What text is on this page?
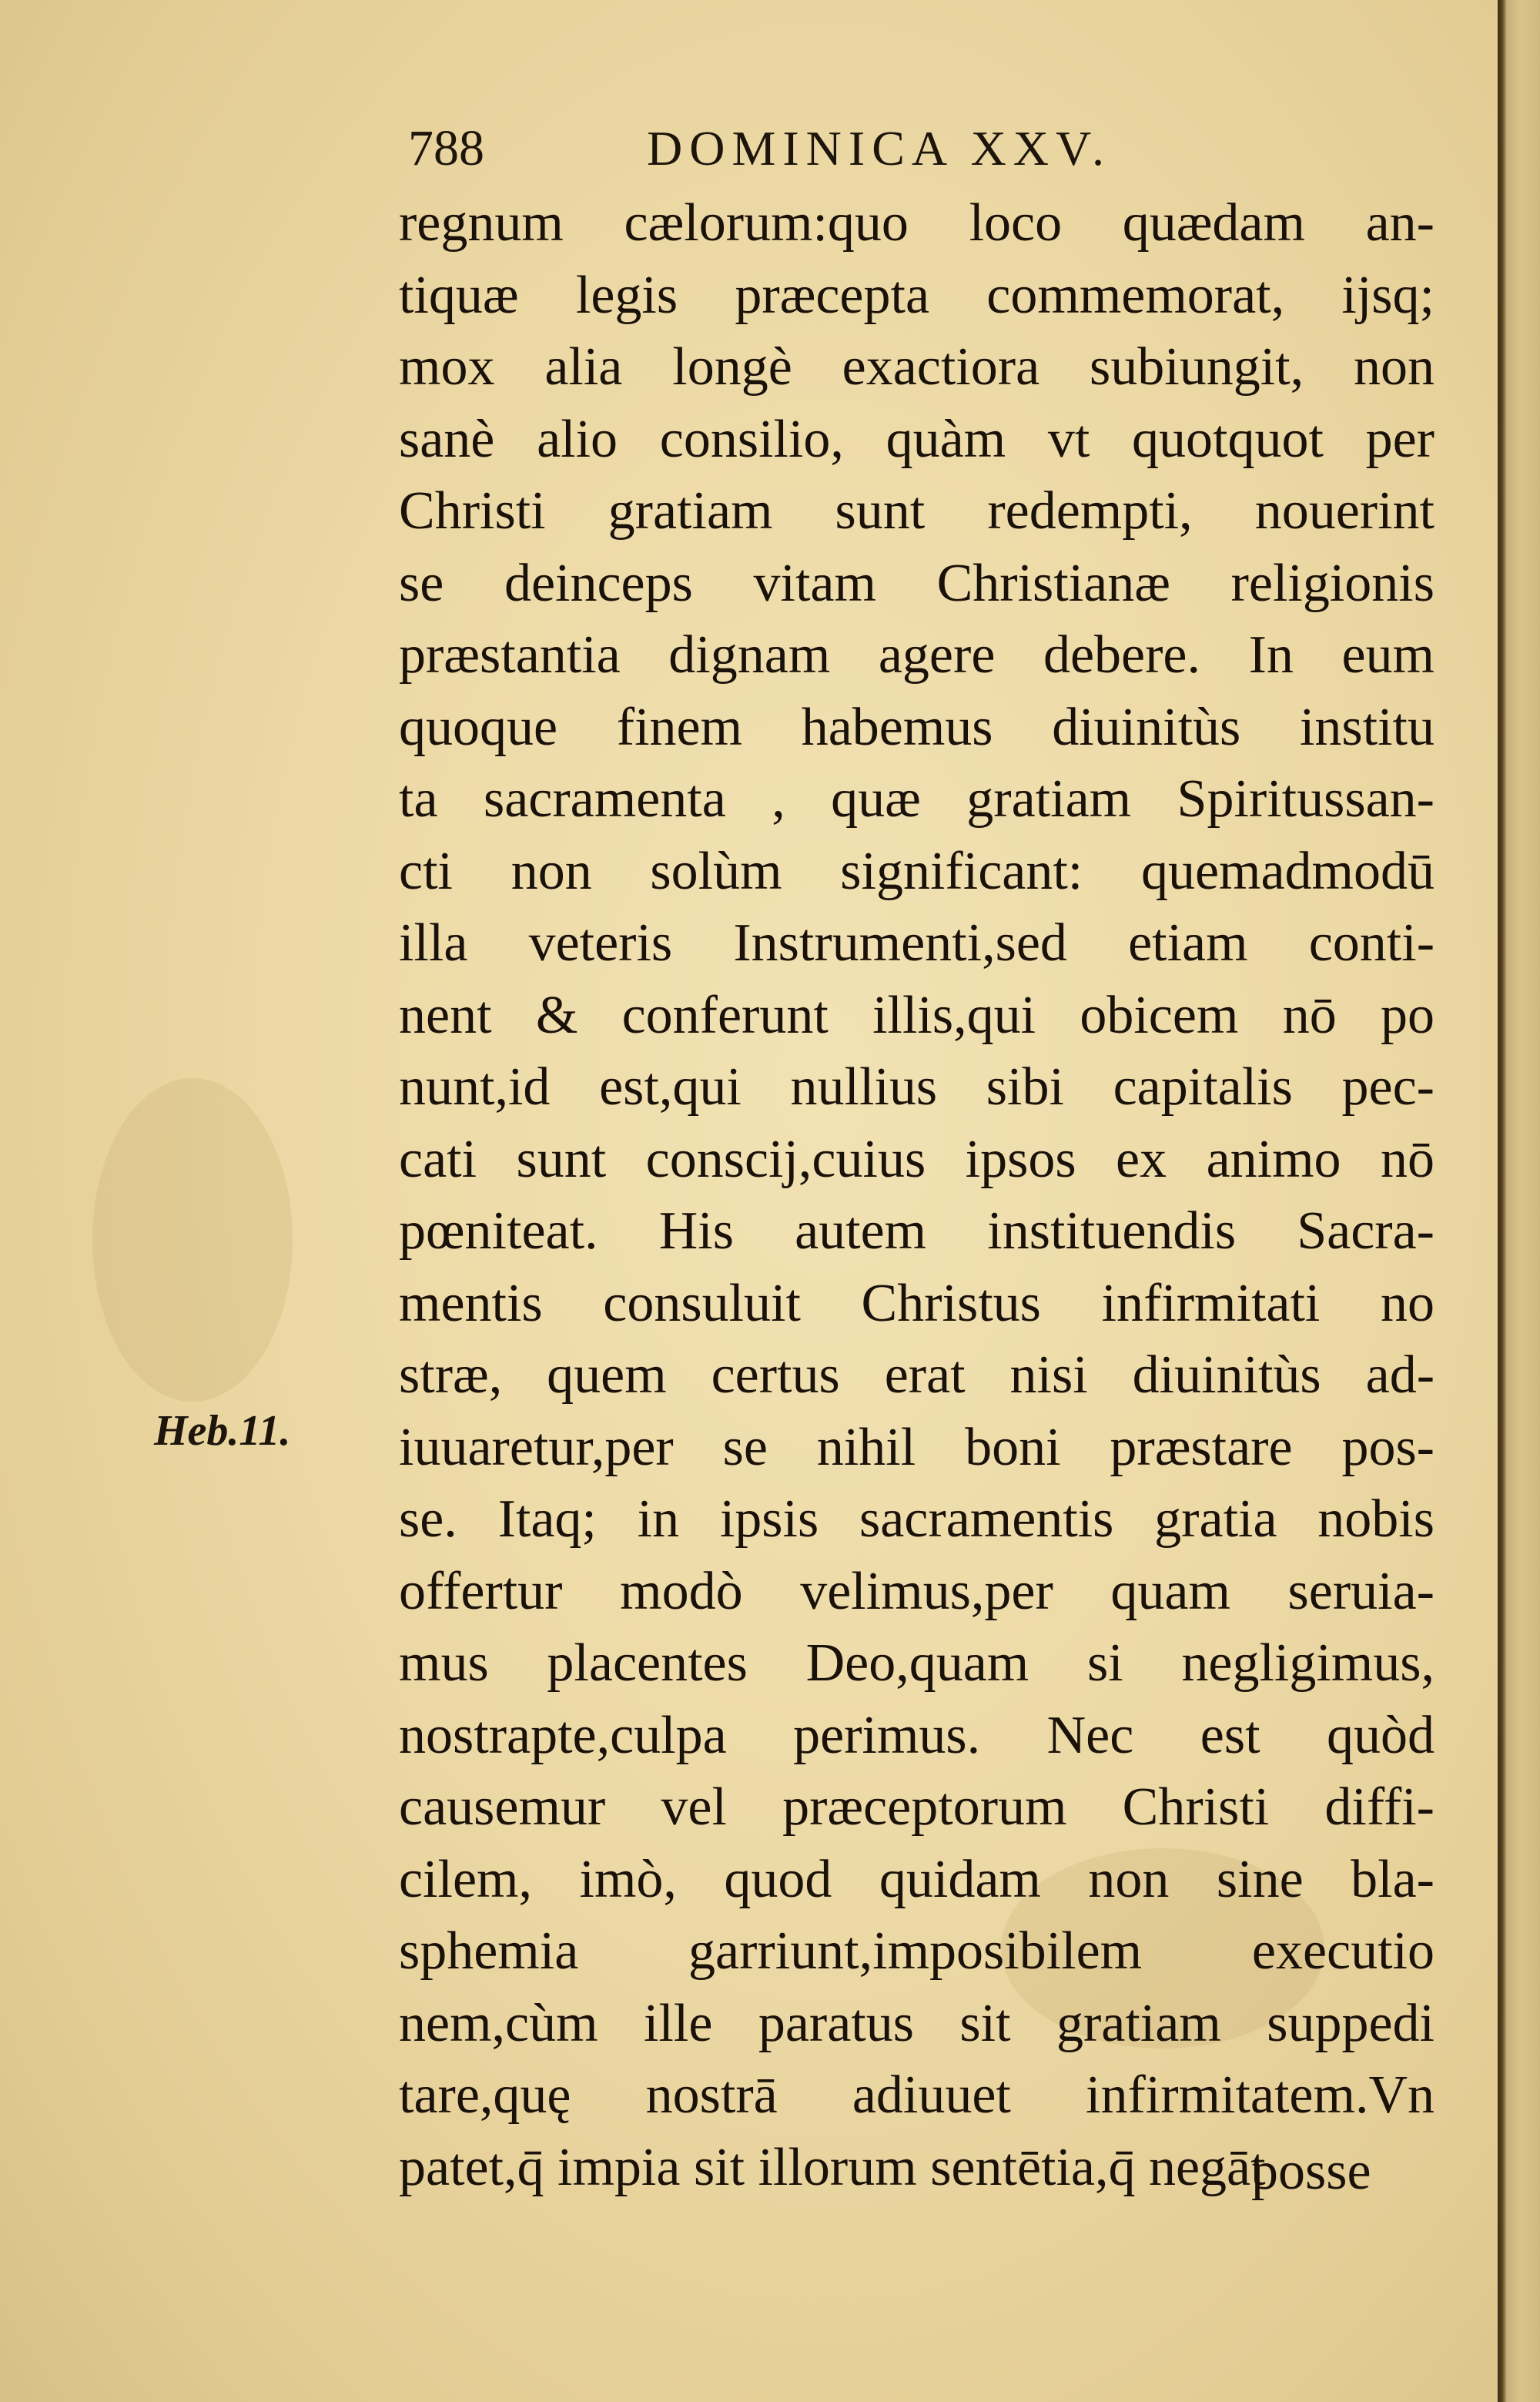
788	DOMINICA XXV.
Heb.11.
regnum cælorum:quo loco quædam an-
tiquæ legis præcepta commemorat, ijsq;
mox alia longè exactiora subiungit, non
sanè alio consilio, quàm vt quotquot per
Christi gratiam sunt redempti, nouerint
se deinceps vitam Christianæ religionis
præstantia dignam agere debere. In eum
quoque finem habemus diuinitùs institu
ta sacramenta , quæ gratiam Spiritussan-
cti non solùm significant: quemadmodū
illa veteris Instrumenti,sed etiam conti-
nent & conferunt illis,qui obicem nō po
nunt,id est,qui nullius sibi capitalis pec-
cati sunt conscij,cuius ipsos ex animo nō
pœniteat. His autem instituendis Sacra-
mentis consuluit Christus infirmitati no
stræ, quem certus erat nisi diuinitùs ad-
iuuaretur,per se nihil boni præstare pos-
se. Itaq; in ipsis sacramentis gratia nobis
offertur modò velimus,per quam seruia-
mus placentes Deo,quam si negligimus,
nostrapte,culpa perimus. Nec est quòd
causemur vel præceptorum Christi diffi-
cilem, imò, quod quidam non sine bla-
sphemia garriunt,imposibilem executio
nem,cùm ille paratus sit gratiam suppedi
tare,quę nostrā adiuuet infirmitatem.Vn
patet,q̄ impia sit illorum sentētia,q̄ negāt
posse
